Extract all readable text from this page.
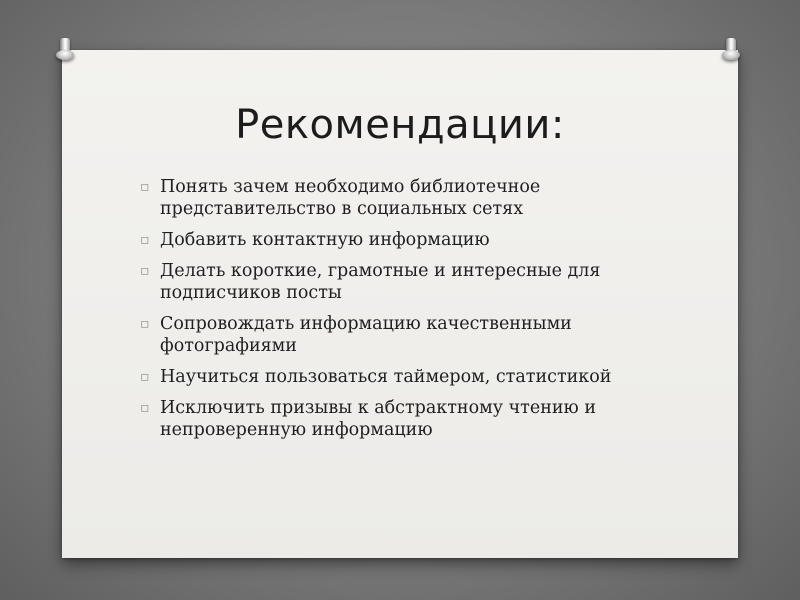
Рекомендации:
▫ Понять зачем необходимо библиотечное представительство в социальных сетях
▫ Добавить контактную информацию
▫ Делать короткие, грамотные и интересные для подписчиков посты
▫ Сопровождать информацию качественными фотографиями
▫ Научиться пользоваться таймером, статистикой
▫ Исключить призывы к абстрактному чтению и непроверенную информацию
